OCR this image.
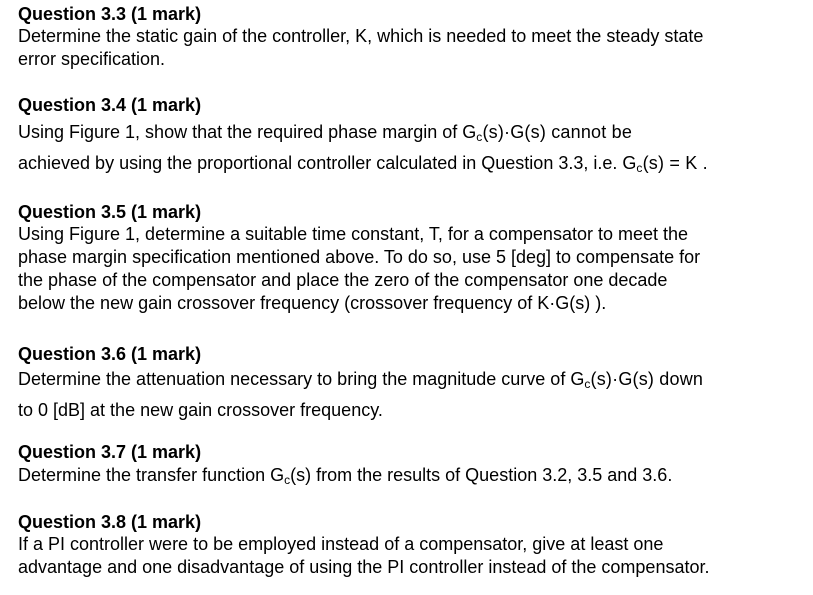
Question 3.3 (1 mark)
Determine the static gain of the controller, K, which is needed to meet the steady state
error specification.
Question 3.4 (1 mark)
Using Figure 1, show that the required phase margin of $G_c(s)\cdot G(s)$ cannot be
achieved by using the proportional controller calculated in Question 3.3, i.e. $G_c(s) = K$ .
Question 3.5 (1 mark)
Using Figure 1, determine a suitable time constant, T, for a compensator to meet the
phase margin specification mentioned above. To do so, use 5 [deg] to compensate for
the phase of the compensator and place the zero of the compensator one decade
below the new gain crossover frequency (crossover frequency of K·G(s) ).
Question 3.6 (1 mark)
Determine the attenuation necessary to bring the magnitude curve of $G_c(s)\cdot G(s)$ down
to 0 [dB] at the new gain crossover frequency.
Question 3.7 (1 mark)
Determine the transfer function $G_c(s)$ from the results of Question 3.2, 3.5 and 3.6.
Question 3.8 (1 mark)
If a PI controller were to be employed instead of a compensator, give at least one
advantage and one disadvantage of using the PI controller instead of the compensator.
